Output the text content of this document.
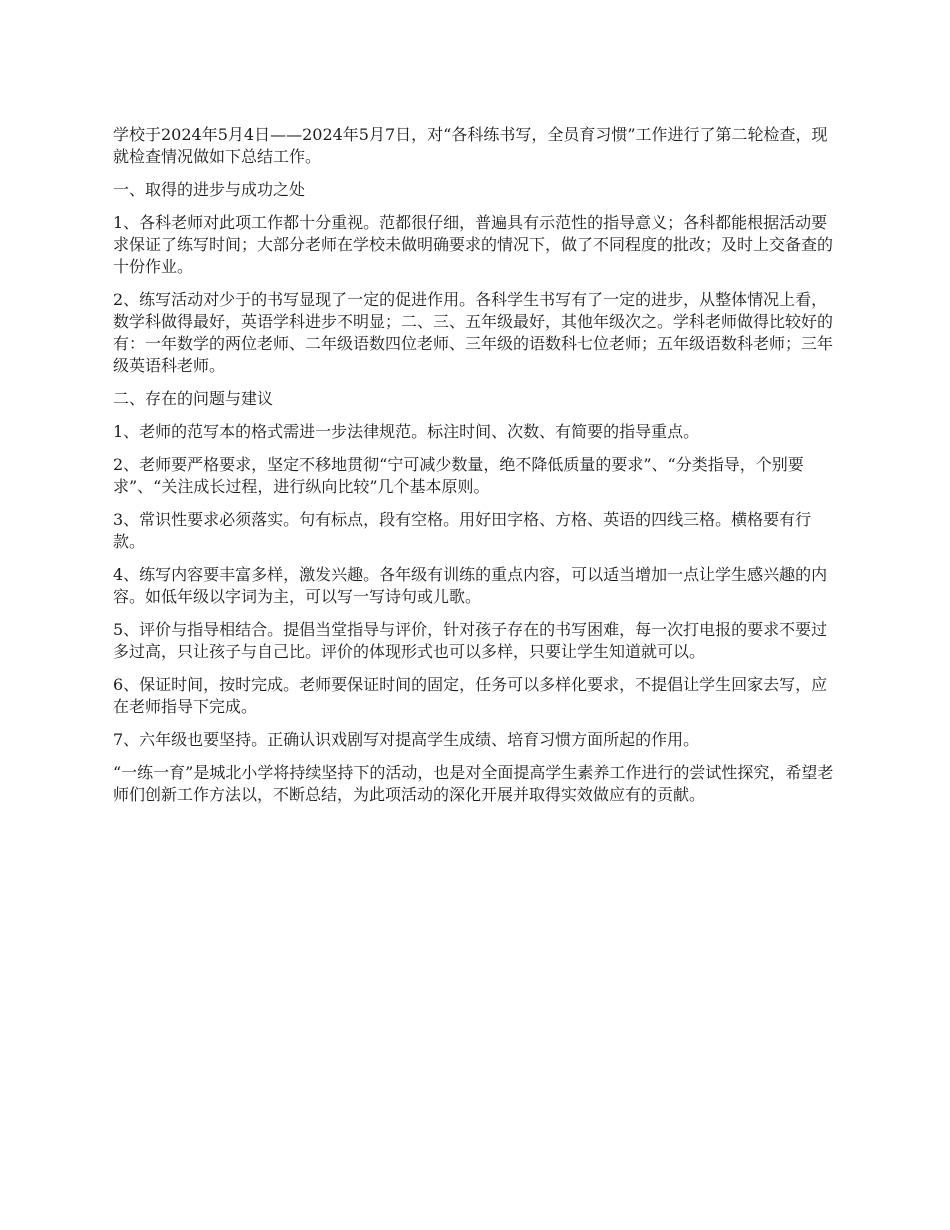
学校于2024年5月4日——2024年5月7日，对“各科练书写，全员育习惯”工作进行了第二轮检查，现就检查情况做如下总结工作。

一、取得的进步与成功之处

1、各科老师对此项工作都十分重视。范都很仔细，普遍具有示范性的指导意义；各科都能根据活动要求保证了练写时间；大部分老师在学校未做明确要求的情况下，做了不同程度的批改；及时上交备查的十份作业。

2、练写活动对少于的书写显现了一定的促进作用。各科学生书写有了一定的进步，从整体情况上看，数学科做得最好，英语学科进步不明显；二、三、五年级最好，其他年级次之。学科老师做得比较好的有：一年数学的两位老师、二年级语数四位老师、三年级的语数科七位老师；五年级语数科老师；三年级英语科老师。

二、存在的问题与建议

1、老师的范写本的格式需进一步法律规范。标注时间、次数、有简要的指导重点。

2、老师要严格要求，坚定不移地贯彻“宁可减少数量，绝不降低质量的要求”、“分类指导，个别要求”、“关注成长过程，进行纵向比较”几个基本原则。

3、常识性要求必须落实。句有标点，段有空格。用好田字格、方格、英语的四线三格。横格要有行款。

4、练写内容要丰富多样，激发兴趣。各年级有训练的重点内容，可以适当增加一点让学生感兴趣的内容。如低年级以字词为主，可以写一写诗句或儿歌。

5、评价与指导相结合。提倡当堂指导与评价，针对孩子存在的书写困难，每一次打电报的要求不要过多过高，只让孩子与自己比。评价的体现形式也可以多样，只要让学生知道就可以。

6、保证时间，按时完成。老师要保证时间的固定，任务可以多样化要求，不提倡让学生回家去写，应在老师指导下完成。

7、六年级也要坚持。正确认识戏剧写对提高学生成绩、培育习惯方面所起的作用。

“一练一育”是城北小学将持续坚持下的活动，也是对全面提高学生素养工作进行的尝试性探究，希望老师们创新工作方法以，不断总结，为此项活动的深化开展并取得实效做应有的贡献。
